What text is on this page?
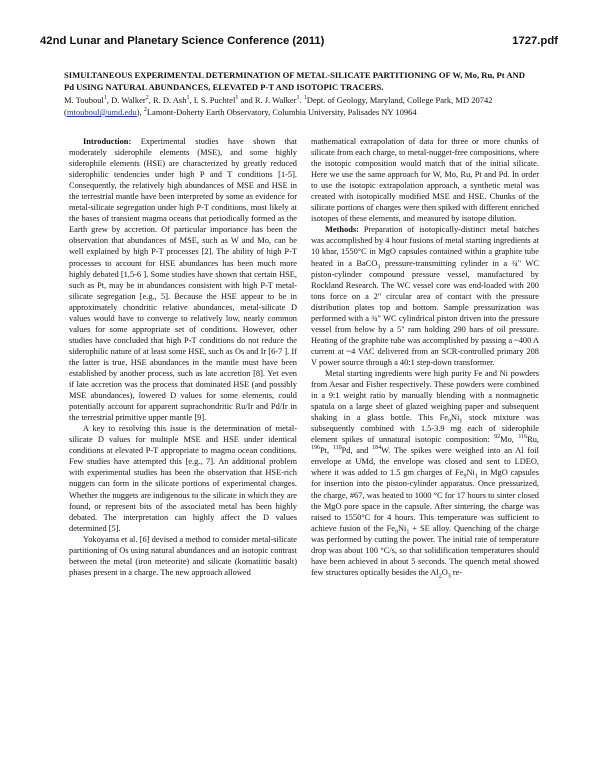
42nd Lunar and Planetary Science Conference (2011)	1727.pdf
SIMULTANEOUS EXPERIMENTAL DETERMINATION OF METAL-SILICATE PARTITIONING OF W, Mo, Ru, Pt AND Pd USING NATURAL ABUNDANCES, ELEVATED P-T AND ISOTOPIC TRACERS.

M. Touboul$^1$, D. Walker$^2$, R. D. Ash$^1$, I. S. Puchtel$^1$ and R. J. Walker$^1$. $^1$Dept. of Geology, Maryland, College Park, MD 20742 (mtouboul@umd.edu), $^2$Lamont-Doherty Earth Observatory, Columbia University, Palisades NY 10964

Introduction: Experimental studies have shown that moderately siderophile elements (MSE), and some highly siderophile elements (HSE) are characterized by greatly reduced siderophilic tendencies under high P and T conditions [1-5]. Consequently, the relatively high abundances of MSE and HSE in the terrestrial mantle have been interpreted by some as evidence for metal-silicate segregation under high P-T conditions, most likely at the bases of transient magma oceans that periodically formed as the Earth grew by accretion. Of particular importance has been the observation that abundances of MSE, such as W and Mo, can be well explained by high P-T processes [2]. The ability of high P-T processes to account for HSE abundances has been much more highly debated [1,5-6 ]. Some studies have shown that certain HSE, such as Pt, may be in abundances consistent with high P-T metal-silicate segregation [e.g., 5]. Because the HSE appear to be in approximately chondritic relative abundances, metal-silicate D values would have to converge to relatively low, nearly common values for some appropriate set of conditions. However, other studies have concluded that high P-T conditions do not reduce the siderophilic nature of at least some HSE, such as Os and Ir [6-7 ]. If the latter is true, HSE abundances in the mantle must have been established by another process, such as late accretion [8]. Yet even if late accretion was the process that dominated HSE (and possibly MSE abundances), lowered D values for some elements, could potentially account for apparent suprachondritic Ru/Ir and Pd/Ir in the terrestrial primitive upper mantle [9].

A key to resolving this issue is the determination of metal-silicate D values for multiple MSE and HSE under identical conditions at elevated P-T appropriate to magma ocean conditions. Few studies have attempted this [e.g., 7]. An additional problem with experimental studies has been the observation that HSE-rich nuggets can form in the silicate portions of experimental charges. Whether the nuggets are indigenous to the silicate in which they are found, or represent bits of the associated metal has been highly debated. The interpretation can highly affect the D values determined [5].

Yokoyama et al. [6] devised a method to consider metal-silicate partitioning of Os using natural abundances and an isotopic contrast between the metal (iron meteorite) and silicate (komatiitic basalt) phases present in a charge. The new approach allowed

mathematical extrapolation of data for three or more chunks of silicate from each charge, to metal-nugget-free compositions, where the isotopic composition would match that of the initial silicate. Here we use the same approach for W, Mo, Ru, Pt and Pd. In order to use the isotopic extrapolation approach, a synthetic metal was created with isotopically modified MSE and HSE. Chunks of the silicate portions of charges were then spiked with different enriched isotopes of these elements, and measured by isotope dilution.

Methods: Preparation of isotopically-distinct metal batches was accomplished by 4 hour fusions of metal starting ingredients at 10 kbar, 1550°C in MgO capsules contained within a graphite tube heated in a BaCO$_3$ pressure-transmitting cylinder in a ¾" WC piston-cylinder compound pressure vessel, manufactured by Rockland Research. The WC vessel core was end-loaded with 200 tons force on a 2" circular area of contact with the pressure distribution plates top and bottom. Sample pressurization was performed with a ¾" WC cylindrical piston driven into the pressure vessel from below by a 5" ram holding 290 bars of oil pressure. Heating of the graphite tube was accomplished by passing a ~400 A current at ~4 VAC delivered from an SCR-controlled primary 208 V power source through a 40:1 step-down transformer.

Metal starting ingredients were high purity Fe and Ni powders from Aesar and Fisher respectively. These powders were combined in a 9:1 weight ratio by manually blending with a nonmagnetic spatula on a large sheet of glazed weighing paper and subsequent shaking in a glass bottle. This $Fe_9Ni_1$ stock mixture was subsequently combined with 1.5-3.9 mg each of siderophile element spikes of unnatural isotopic composition: $^{92}$Mo, $^{116}$Ru, $^{196}$Pt, $^{110}$Pd, and $^{184}$W. The spikes were weighed into an Al foil envelope at UMd, the envelope was closed and sent to LDEO, where it was added to 1.5 gm charges of $Fe_9Ni_1$ in MgO capsules for insertion into the piston-cylinder apparatus. Once pressurized, the charge, #67, was heated to 1000 °C for 17 hours to sinter closed the MgO pore space in the capsule. After sintering, the charge was raised to 1550°C for 4 hours. This temperature was sufficient to achieve fusion of the $Fe_9Ni_1$ + SE alloy. Quenching of the charge was performed by cutting the power. The initial rate of temperature drop was about 100 °C/s, so that solidification temperatures should have been achieved in about 5 seconds. The quench metal showed few structures optically besides the $Al_2O_3$ re-
